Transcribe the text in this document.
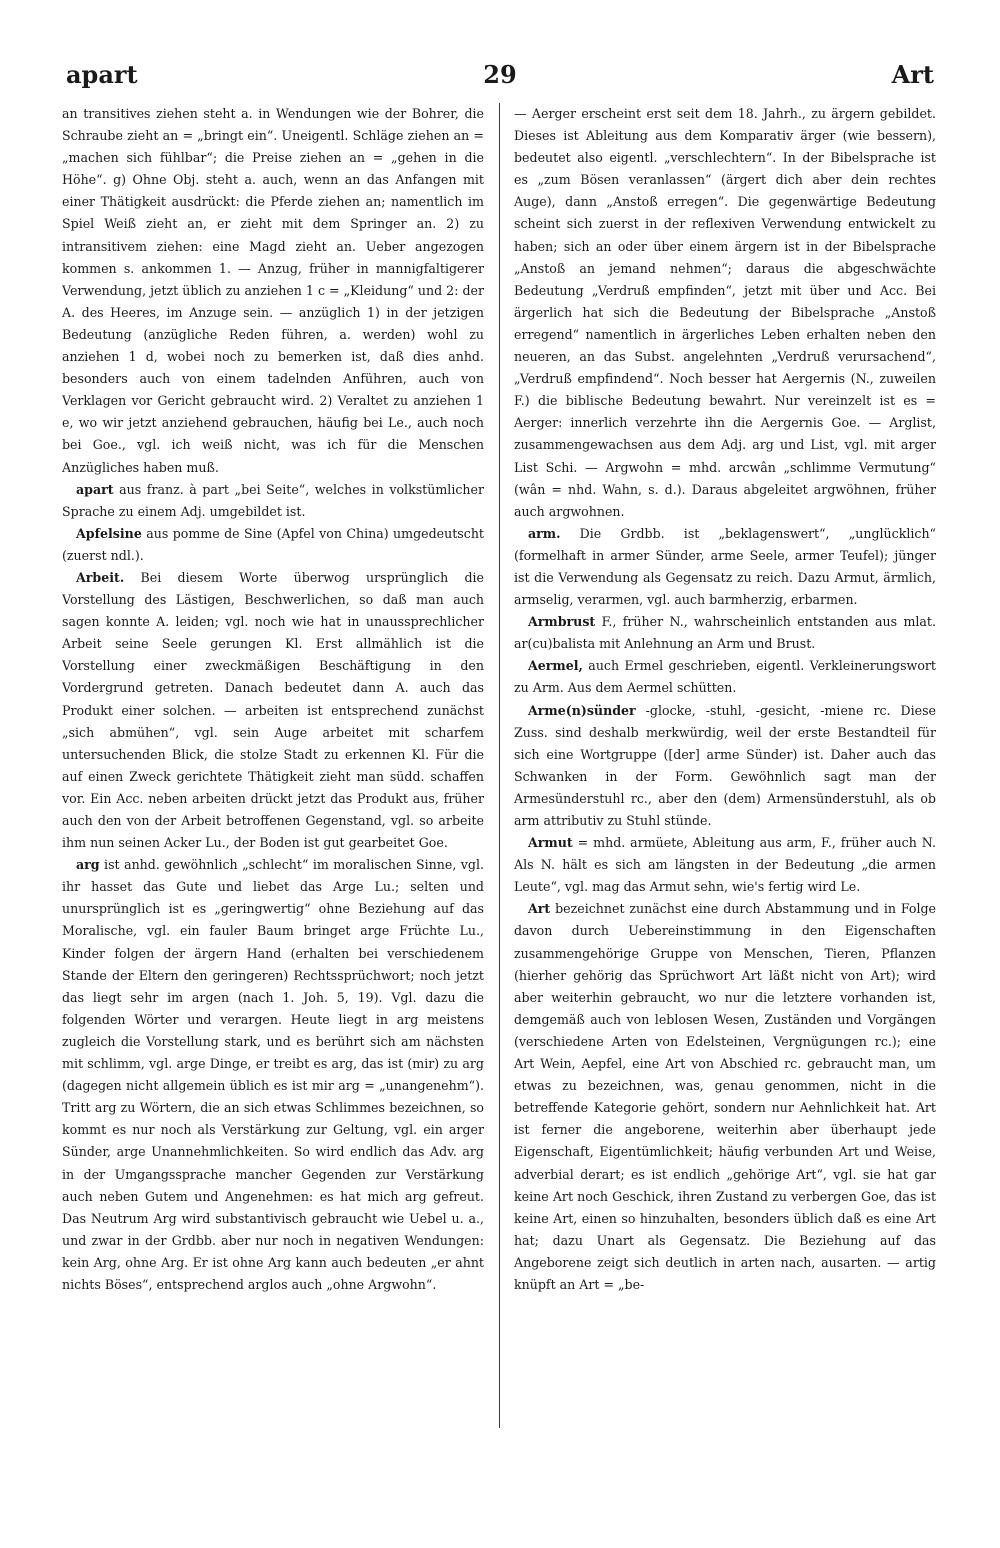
apart	29	Art

an transitives ziehen steht a. in Wendungen wie der Bohrer, die Schraube zieht an = „bringt ein“. Uneigentl. Schläge ziehen an = „machen sich fühlbar“; die Preise ziehen an = „gehen in die Höhe“. g) Ohne Obj. steht a. auch, wenn an das Anfangen mit einer Thätigkeit ausdrückt: die Pferde ziehen an; namentlich im Spiel Weiß zieht an, er zieht mit dem Springer an. 2) zu intransitivem ziehen: eine Magd zieht an. Ueber angezogen kommen s. ankommen 1. — Anzug, früher in mannigfaltigerer Verwendung, jetzt üblich zu anziehen 1 c = „Kleidung“ und 2: der A. des Heeres, im Anzuge sein. — anzüglich 1) in der jetzigen Bedeutung (anzügliche Reden führen, a. werden) wohl zu anziehen 1 d, wobei noch zu bemerken ist, daß dies anhd. besonders auch von einem tadelnden Anführen, auch von Verklagen vor Gericht gebraucht wird. 2) Veraltet zu anziehen 1 e, wo wir jetzt anziehend gebrauchen, häufig bei Le., auch noch bei Goe., vgl. ich weiß nicht, was ich für die Menschen Anzügliches haben muß.

apart aus franz. à part „bei Seite“, welches in volkstümlicher Sprache zu einem Adj. umgebildet ist.

Apfelsine aus pomme de Sine (Apfel von China) umgedeutscht (zuerst ndl.).

Arbeit. Bei diesem Worte überwog ursprünglich die Vorstellung des Lästigen, Beschwerlichen, so daß man auch sagen konnte A. leiden; vgl. noch wie hat in unaussprechlicher Arbeit seine Seele gerungen Kl. Erst allmählich ist die Vorstellung einer zweckmäßigen Beschäftigung in den Vordergrund getreten. Danach bedeutet dann A. auch das Produkt einer solchen. — arbeiten ist entsprechend zunächst „sich abmühen“, vgl. sein Auge arbeitet mit scharfem untersuchenden Blick, die stolze Stadt zu erkennen Kl. Für die auf einen Zweck gerichtete Thätigkeit zieht man südd. schaffen vor. Ein Acc. neben arbeiten drückt jetzt das Produkt aus, früher auch den von der Arbeit betroffenen Gegenstand, vgl. so arbeite ihm nun seinen Acker Lu., der Boden ist gut gearbeitet Goe.

arg ist anhd. gewöhnlich „schlecht“ im moralischen Sinne, vgl. ihr hasset das Gute und liebet das Arge Lu.; selten und unursprünglich ist es „geringwertig“ ohne Beziehung auf das Moralische, vgl. ein fauler Baum bringet arge Früchte Lu., Kinder folgen der ärgern Hand (erhalten bei verschiedenem Stande der Eltern den geringeren) Rechtssprüchwort; noch jetzt das liegt sehr im argen (nach 1. Joh. 5, 19). Vgl. dazu die folgenden Wörter und verargen. Heute liegt in arg meistens zugleich die Vorstellung stark, und es berührt sich am nächsten mit schlimm, vgl. arge Dinge, er treibt es arg, das ist (mir) zu arg (dagegen nicht allgemein üblich es ist mir arg = „unangenehm“). Tritt arg zu Wörtern, die an sich etwas Schlimmes bezeichnen, so kommt es nur noch als Verstärkung zur Geltung, vgl. ein arger Sünder, arge Unannehmlichkeiten. So wird endlich das Adv. arg in der Umgangssprache mancher Gegenden zur Verstärkung auch neben Gutem und Angenehmen: es hat mich arg gefreut. Das Neutrum Arg wird substantivisch gebraucht wie Uebel u. a., und zwar in der Grdbb. aber nur noch in negativen Wendungen: kein Arg, ohne Arg. Er ist ohne Arg kann auch bedeuten „er ahnt nichts Böses“, entsprechend arglos auch „ohne Argwohn“.

— Aerger erscheint erst seit dem 18. Jahrh., zu ärgern gebildet. Dieses ist Ableitung aus dem Komparativ ärger (wie bessern), bedeutet also eigentl. „verschlechtern“. In der Bibelsprache ist es „zum Bösen veranlassen“ (ärgert dich aber dein rechtes Auge), dann „Anstoß erregen“. Die gegenwärtige Bedeutung scheint sich zuerst in der reflexiven Verwendung entwickelt zu haben; sich an oder über einem ärgern ist in der Bibelsprache „Anstoß an jemand nehmen“; daraus die abgeschwächte Bedeutung „Verdruß empfinden“, jetzt mit über und Acc. Bei ärgerlich hat sich die Bedeutung der Bibelsprache „Anstoß erregend“ namentlich in ärgerliches Leben erhalten neben den neueren, an das Subst. angelehnten „Verdruß verursachend“, „Verdruß empfindend“. Noch besser hat Aergernis (N., zuweilen F.) die biblische Bedeutung bewahrt. Nur vereinzelt ist es = Aerger: innerlich verzehrte ihn die Aergernis Goe. — Arglist, zusammengewachsen aus dem Adj. arg und List, vgl. mit arger List Schi. — Argwohn = mhd. arcwân „schlimme Vermutung“ (wân = nhd. Wahn, s. d.). Daraus abgeleitet argwöhnen, früher auch argwohnen.

arm. Die Grdbb. ist „beklagenswert“, „unglücklich“ (formelhaft in armer Sünder, arme Seele, armer Teufel); jünger ist die Verwendung als Gegensatz zu reich. Dazu Armut, ärmlich, armselig, verarmen, vgl. auch barmherzig, erbarmen.

Armbrust F., früher N., wahrscheinlich entstanden aus mlat. ar(cu)balista mit Anlehnung an Arm und Brust.

Aermel, auch Ermel geschrieben, eigentl. Verkleinerungswort zu Arm. Aus dem Aermel schütten.

Arme(n)sünder -glocke, -stuhl, -gesicht, -miene rc. Diese Zuss. sind deshalb merkwürdig, weil der erste Bestandteil für sich eine Wortgruppe ([der] arme Sünder) ist. Daher auch das Schwanken in der Form. Gewöhnlich sagt man der Armesünderstuhl rc., aber den (dem) Armensünderstuhl, als ob arm attributiv zu Stuhl stünde.

Armut = mhd. armüete, Ableitung aus arm, F., früher auch N. Als N. hält es sich am längsten in der Bedeutung „die armen Leute“, vgl. mag das Armut sehn, wie's fertig wird Le.

Art bezeichnet zunächst eine durch Abstammung und in Folge davon durch Uebereinstimmung in den Eigenschaften zusammengehörige Gruppe von Menschen, Tieren, Pflanzen (hierher gehörig das Sprüchwort Art läßt nicht von Art); wird aber weiterhin gebraucht, wo nur die letztere vorhanden ist, demgemäß auch von leblosen Wesen, Zuständen und Vorgängen (verschiedene Arten von Edelsteinen, Vergnügungen rc.); eine Art Wein, Aepfel, eine Art von Abschied rc. gebraucht man, um etwas zu bezeichnen, was, genau genommen, nicht in die betreffende Kategorie gehört, sondern nur Aehnlichkeit hat. Art ist ferner die angeborene, weiterhin aber überhaupt jede Eigenschaft, Eigentümlichkeit; häufig verbunden Art und Weise, adverbial derart; es ist endlich „gehörige Art“, vgl. sie hat gar keine Art noch Geschick, ihren Zustand zu verbergen Goe, das ist keine Art, einen so hinzuhalten, besonders üblich daß es eine Art hat; dazu Unart als Gegensatz. Die Beziehung auf das Angeborene zeigt sich deutlich in arten nach, ausarten. — artig knüpft an Art = „be-
